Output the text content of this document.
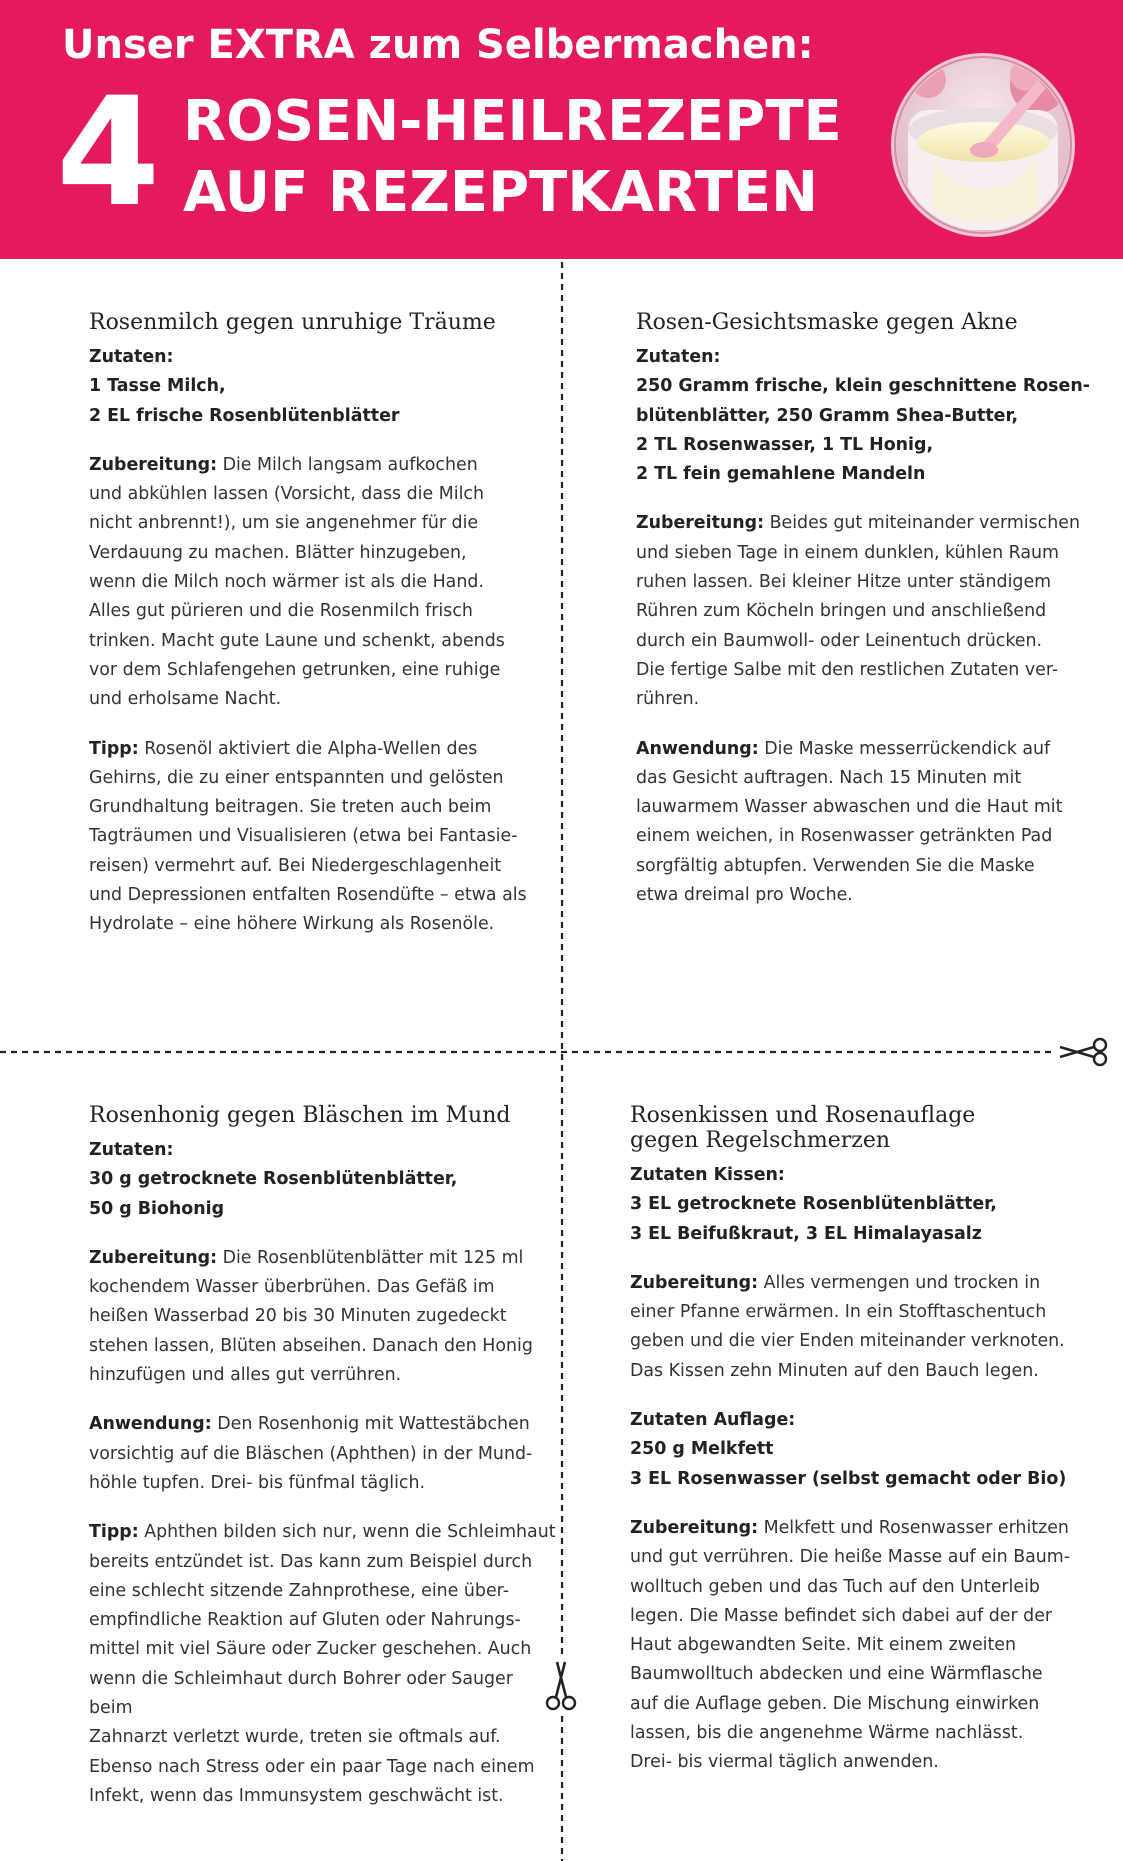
Unser EXTRA zum Selbermachen:
4 ROSEN-HEILREZEPTE
AUF REZEPTKARTEN
Rosenmilch gegen unruhige Träume
Zutaten:
1 Tasse Milch,
2 EL frische Rosenblütenblätter
Zubereitung: Die Milch langsam aufkochen
und abkühlen lassen (Vorsicht, dass die Milch
nicht anbrennt!), um sie angenehmer für die
Verdauung zu machen. Blätter hinzugeben,
wenn die Milch noch wärmer ist als die Hand.
Alles gut pürieren und die Rosenmilch frisch
trinken. Macht gute Laune und schenkt, abends
vor dem Schlafengehen getrunken, eine ruhige
und erholsame Nacht.
Tipp: Rosenöl aktiviert die Alpha-Wellen des
Gehirns, die zu einer entspannten und gelösten
Grundhaltung beitragen. Sie treten auch beim
Tagträumen und Visualisieren (etwa bei Fantasie-
reisen) vermehrt auf. Bei Niedergeschlagenheit
und Depressionen entfalten Rosendüfte – etwa als
Hydrolate – eine höhere Wirkung als Rosenöle.
Rosen-Gesichtsmaske gegen Akne
Zutaten:
250 Gramm frische, klein geschnittene Rosen-
blütenblätter, 250 Gramm Shea-Butter,
2 TL Rosenwasser, 1 TL Honig,
2 TL fein gemahlene Mandeln
Zubereitung: Beides gut miteinander vermischen
und sieben Tage in einem dunklen, kühlen Raum
ruhen lassen. Bei kleiner Hitze unter ständigem
Rühren zum Köcheln bringen und anschließend
durch ein Baumwoll- oder Leinentuch drücken.
Die fertige Salbe mit den restlichen Zutaten ver-
rühren.
Anwendung: Die Maske messerrückendick auf
das Gesicht auftragen. Nach 15 Minuten mit
lauwarmem Wasser abwaschen und die Haut mit
einem weichen, in Rosenwasser getränkten Pad
sorgfältig abtupfen. Verwenden Sie die Maske
etwa dreimal pro Woche.
Rosenhonig gegen Bläschen im Mund
Zutaten:
30 g getrocknete Rosenblütenblätter,
50 g Biohonig
Zubereitung: Die Rosenblütenblätter mit 125 ml
kochendem Wasser überbrühen. Das Gefäß im
heißen Wasserbad 20 bis 30 Minuten zugedeckt
stehen lassen, Blüten abseihen. Danach den Honig
hinzufügen und alles gut verrühren.
Anwendung: Den Rosenhonig mit Wattestäbchen
vorsichtig auf die Bläschen (Aphthen) in der Mund-
höhle tupfen. Drei- bis fünfmal täglich.
Tipp: Aphthen bilden sich nur, wenn die Schleimhaut
bereits entzündet ist. Das kann zum Beispiel durch
eine schlecht sitzende Zahnprothese, eine über-
empfindliche Reaktion auf Gluten oder Nahrungs-
mittel mit viel Säure oder Zucker geschehen. Auch
wenn die Schleimhaut durch Bohrer oder Sauger beim
Zahnarzt verletzt wurde, treten sie oftmals auf.
Ebenso nach Stress oder ein paar Tage nach einem
Infekt, wenn das Immunsystem geschwächt ist.
Rosenkissen und Rosenauflage
gegen Regelschmerzen
Zutaten Kissen:
3 EL getrocknete Rosenblütenblätter,
3 EL Beifußkraut, 3 EL Himalayasalz
Zubereitung: Alles vermengen und trocken in
einer Pfanne erwärmen. In ein Stofftaschentuch
geben und die vier Enden miteinander verknoten.
Das Kissen zehn Minuten auf den Bauch legen.
Zutaten Auflage:
250 g Melkfett
3 EL Rosenwasser (selbst gemacht oder Bio)
Zubereitung: Melkfett und Rosenwasser erhitzen
und gut verrühren. Die heiße Masse auf ein Baum-
wolltuch geben und das Tuch auf den Unterleib
legen. Die Masse befindet sich dabei auf der der
Haut abgewandten Seite. Mit einem zweiten
Baumwolltuch abdecken und eine Wärmflasche
auf die Auflage geben. Die Mischung einwirken
lassen, bis die angenehme Wärme nachlässt.
Drei- bis viermal täglich anwenden.
